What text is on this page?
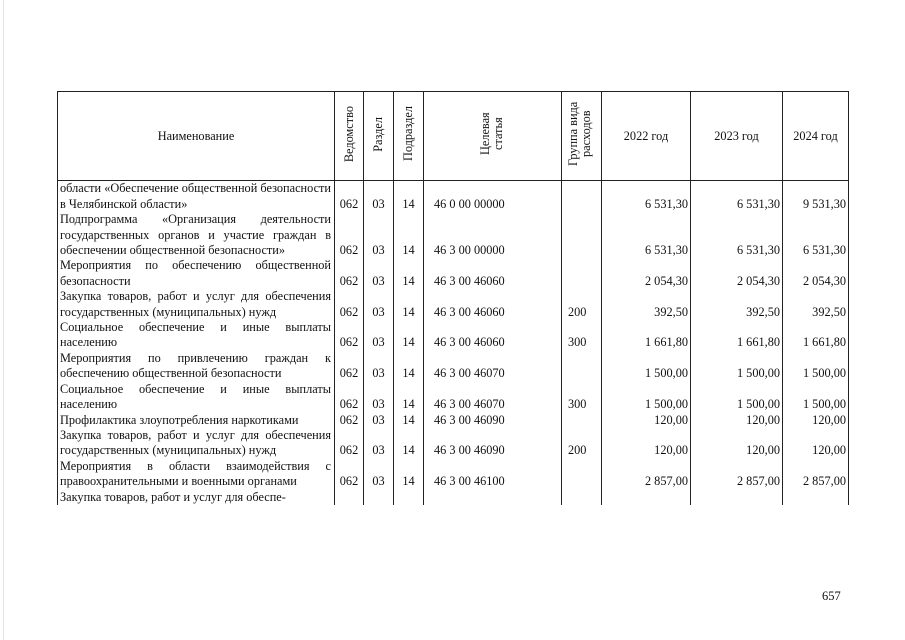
Наименование	Ведомство	Раздел	Подраздел	Целевая статья	Группа вида расходов	2022 год	2023 год	2024 год
области «Обеспечение общественной безопасности в Челябинской области»	062	03	14	46 0 00 00000		6 531,30	6 531,30	9 531,30
Подпрограмма «Организация деятельности государственных органов и участие граждан в обеспечении общественной безопасности»	062	03	14	46 3 00 00000		6 531,30	6 531,30	6 531,30
Мероприятия по обеспечению общественной безопасности	062	03	14	46 3 00 46060		2 054,30	2 054,30	2 054,30
Закупка товаров, работ и услуг для обеспечения государственных (муниципальных) нужд	062	03	14	46 3 00 46060	200	392,50	392,50	392,50
Социальное обеспечение и иные выплаты населению	062	03	14	46 3 00 46060	300	1 661,80	1 661,80	1 661,80
Мероприятия по привлечению граждан к обеспечению общественной безопасности	062	03	14	46 3 00 46070		1 500,00	1 500,00	1 500,00
Социальное обеспечение и иные выплаты населению	062	03	14	46 3 00 46070	300	1 500,00	1 500,00	1 500,00
Профилактика злоупотребления наркотиками	062	03	14	46 3 00 46090		120,00	120,00	120,00
Закупка товаров, работ и услуг для обеспечения государственных (муниципальных) нужд	062	03	14	46 3 00 46090	200	120,00	120,00	120,00
Мероприятия в области взаимодействия с правоохранительными и военными органами	062	03	14	46 3 00 46100		2 857,00	2 857,00	2 857,00
Закупка товаров, работ и услуг для обеспе-								
657
